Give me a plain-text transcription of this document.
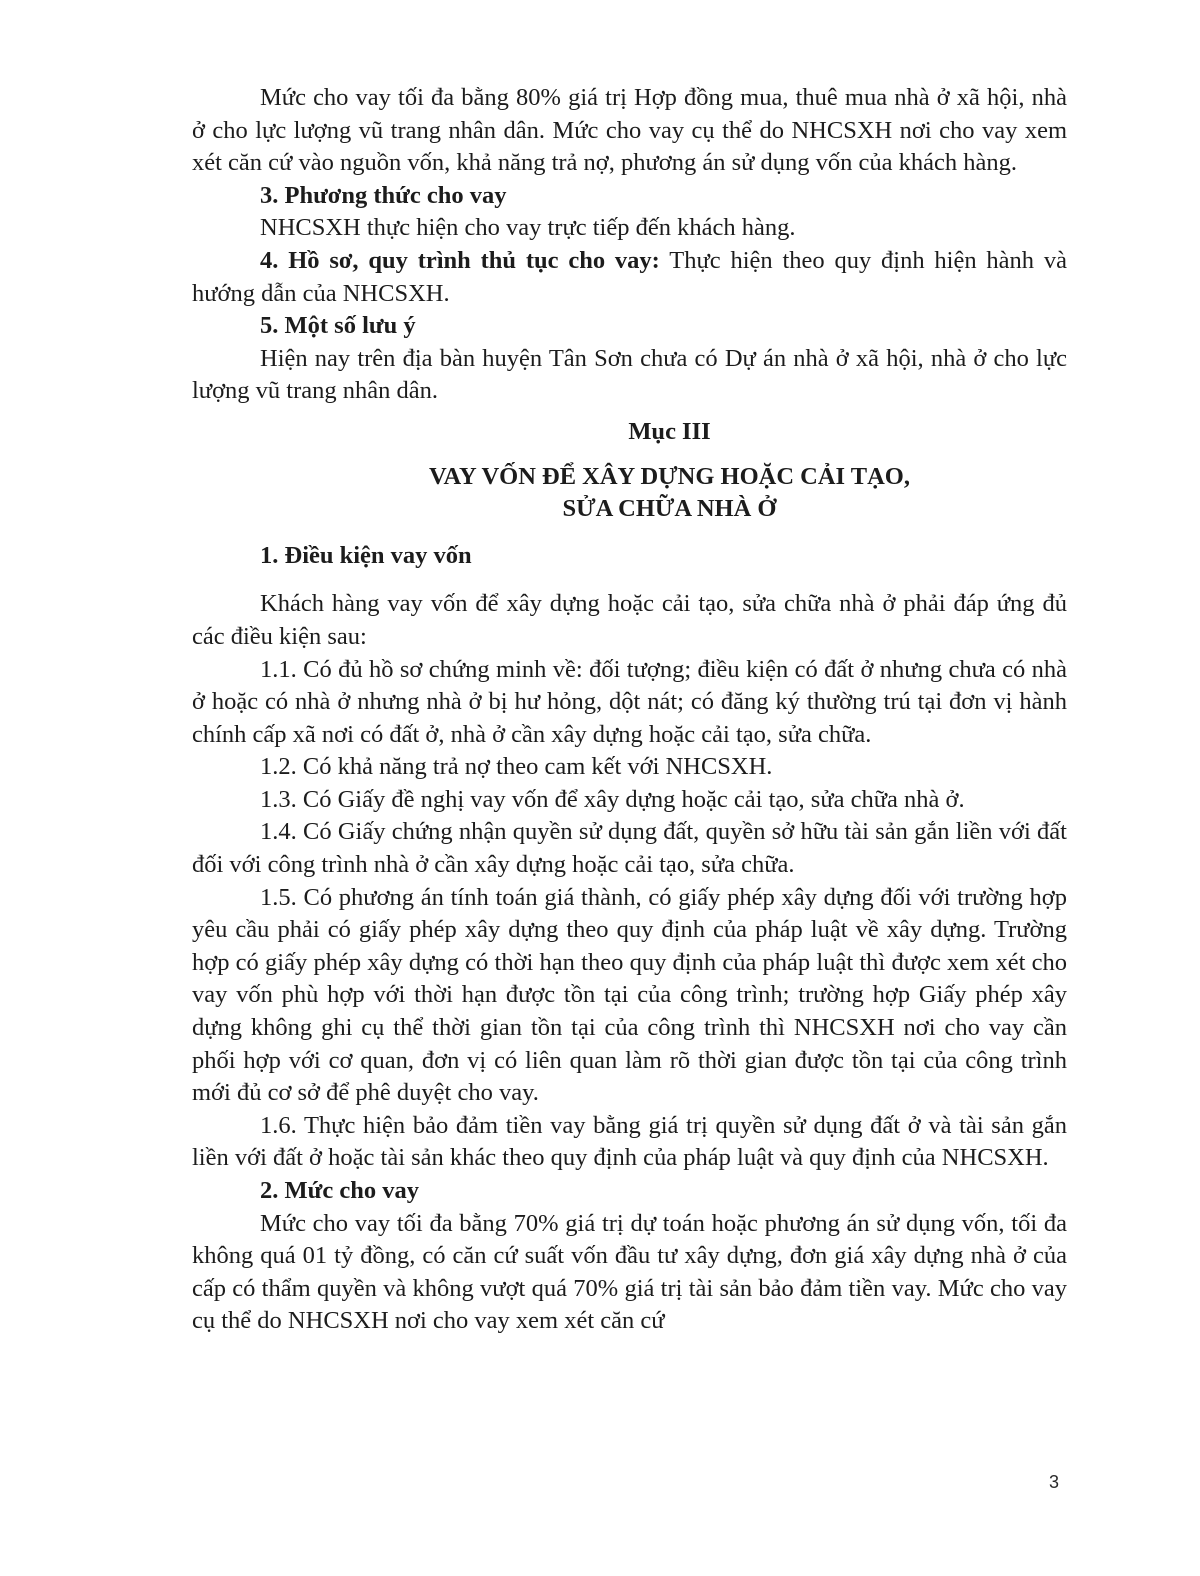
Mức cho vay tối đa bằng 80% giá trị Hợp đồng mua, thuê mua nhà ở xã hội, nhà ở cho lực lượng vũ trang nhân dân. Mức cho vay cụ thể do NHCSXH nơi cho vay xem xét căn cứ vào nguồn vốn, khả năng trả nợ, phương án sử dụng vốn của khách hàng.

3. Phương thức cho vay

NHCSXH thực hiện cho vay trực tiếp đến khách hàng.

4. Hồ sơ, quy trình thủ tục cho vay: Thực hiện theo quy định hiện hành và hướng dẫn của NHCSXH.

5. Một số lưu ý

Hiện nay trên địa bàn huyện Tân Sơn chưa có Dự án nhà ở xã hội, nhà ở cho lực lượng vũ trang nhân dân.

Mục III

VAY VỐN ĐỂ XÂY DỰNG HOẶC CẢI TẠO,
SỬA CHỮA NHÀ Ở

1. Điều kiện vay vốn

Khách hàng vay vốn để xây dựng hoặc cải tạo, sửa chữa nhà ở phải đáp ứng đủ các điều kiện sau:

1.1. Có đủ hồ sơ chứng minh về: đối tượng; điều kiện có đất ở nhưng chưa có nhà ở hoặc có nhà ở nhưng nhà ở bị hư hỏng, dột nát; có đăng ký thường trú tại đơn vị hành chính cấp xã nơi có đất ở, nhà ở cần xây dựng hoặc cải tạo, sửa chữa.

1.2. Có khả năng trả nợ theo cam kết với NHCSXH.

1.3. Có Giấy đề nghị vay vốn để xây dựng hoặc cải tạo, sửa chữa nhà ở.

1.4. Có Giấy chứng nhận quyền sử dụng đất, quyền sở hữu tài sản gắn liền với đất đối với công trình nhà ở cần xây dựng hoặc cải tạo, sửa chữa.

1.5. Có phương án tính toán giá thành, có giấy phép xây dựng đối với trường hợp yêu cầu phải có giấy phép xây dựng theo quy định của pháp luật về xây dựng. Trường hợp có giấy phép xây dựng có thời hạn theo quy định của pháp luật thì được xem xét cho vay vốn phù hợp với thời hạn được tồn tại của công trình; trường hợp Giấy phép xây dựng không ghi cụ thể thời gian tồn tại của công trình thì NHCSXH nơi cho vay cần phối hợp với cơ quan, đơn vị có liên quan làm rõ thời gian được tồn tại của công trình mới đủ cơ sở để phê duyệt cho vay.

1.6. Thực hiện bảo đảm tiền vay bằng giá trị quyền sử dụng đất ở và tài sản gắn liền với đất ở hoặc tài sản khác theo quy định của pháp luật và quy định của NHCSXH.

2. Mức cho vay

Mức cho vay tối đa bằng 70% giá trị dự toán hoặc phương án sử dụng vốn, tối đa không quá 01 tỷ đồng, có căn cứ suất vốn đầu tư xây dựng, đơn giá xây dựng nhà ở của cấp có thẩm quyền và không vượt quá 70% giá trị tài sản bảo đảm tiền vay. Mức cho vay cụ thể do NHCSXH nơi cho vay xem xét căn cứ

3
